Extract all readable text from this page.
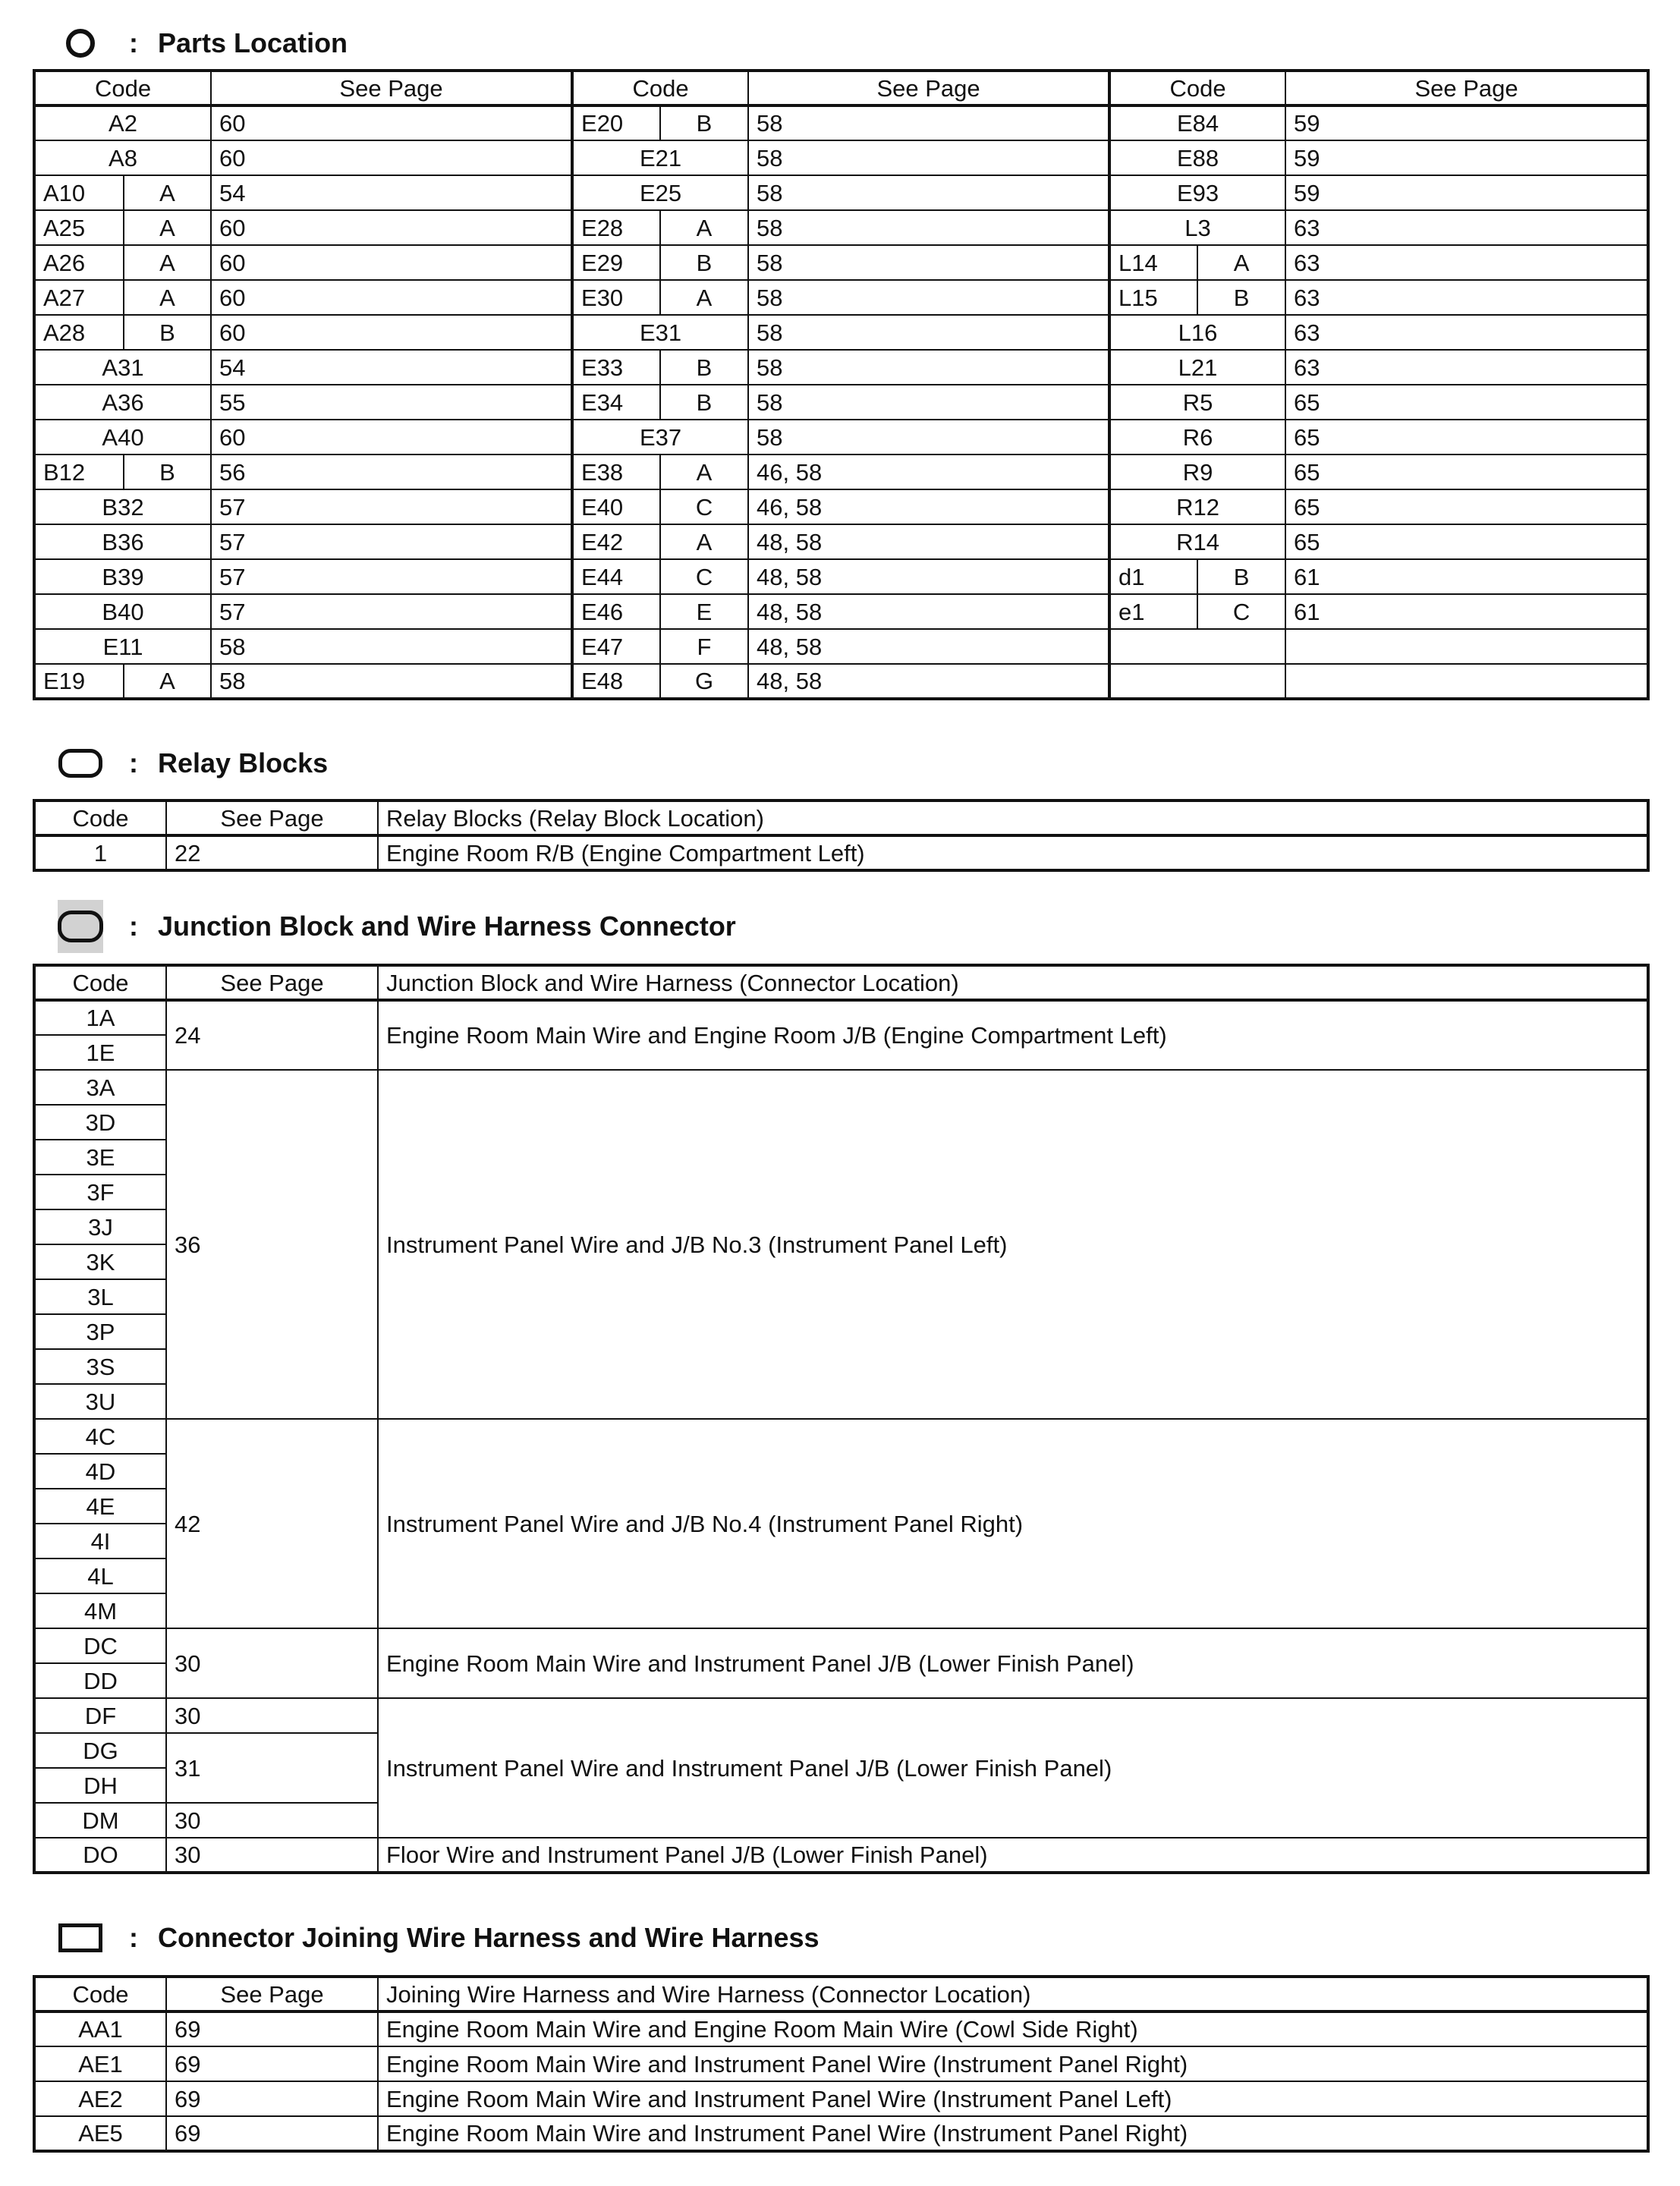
: Parts Location
Code		See Page	Code		See Page	Code		See Page
A2		60	E20	B	58	E84		59
A8		60	E21		58	E88		59
A10	A	54	E25		58	E93		59
A25	A	60	E28	A	58	L3		63
A26	A	60	E29	B	58	L14	A	63
A27	A	60	E30	A	58	L15	B	63
A28	B	60	E31		58	L16		63
A31		54	E33	B	58	L21		63
A36		55	E34	B	58	R5		65
A40		60	E37		58	R6		65
B12	B	56	E38	A	46, 58	R9		65
B32		57	E40	C	46, 58	R12		65
B36		57	E42	A	48, 58	R14		65
B39		57	E44	C	48, 58	d1	B	61
B40		57	E46	E	48, 58	e1	C	61
E11		58	E47	F	48, 58			
E19	A	58	E48	G	48, 58			
: Relay Blocks
Code	See Page	Relay Blocks (Relay Block Location)
1	22	Engine Room R/B (Engine Compartment Left)
: Junction Block and Wire Harness Connector
Code	See Page	Junction Block and Wire Harness (Connector Location)
1A	24	Engine Room Main Wire and Engine Room J/B (Engine Compartment Left)
1E		
3A	36	Instrument Panel Wire and J/B No.3 (Instrument Panel Left)
3D		
3E		
3F		
3J		
3K		
3L		
3P		
3S		
3U		
4C	42	Instrument Panel Wire and J/B No.4 (Instrument Panel Right)
4D		
4E		
4I		
4L		
4M		
DC	30	Engine Room Main Wire and Instrument Panel J/B (Lower Finish Panel)
DD		
DF	30	Instrument Panel Wire and Instrument Panel J/B (Lower Finish Panel)
DG	31	
DH		
DM	30	
DO	30	Floor Wire and Instrument Panel J/B (Lower Finish Panel)
: Connector Joining Wire Harness and Wire Harness
Code	See Page	Joining Wire Harness and Wire Harness (Connector Location)
AA1	69	Engine Room Main Wire and Engine Room Main Wire (Cowl Side Right)
AE1	69	Engine Room Main Wire and Instrument Panel Wire (Instrument Panel Right)
AE2	69	Engine Room Main Wire and Instrument Panel Wire (Instrument Panel Left)
AE5	69	Engine Room Main Wire and Instrument Panel Wire (Instrument Panel Right)
